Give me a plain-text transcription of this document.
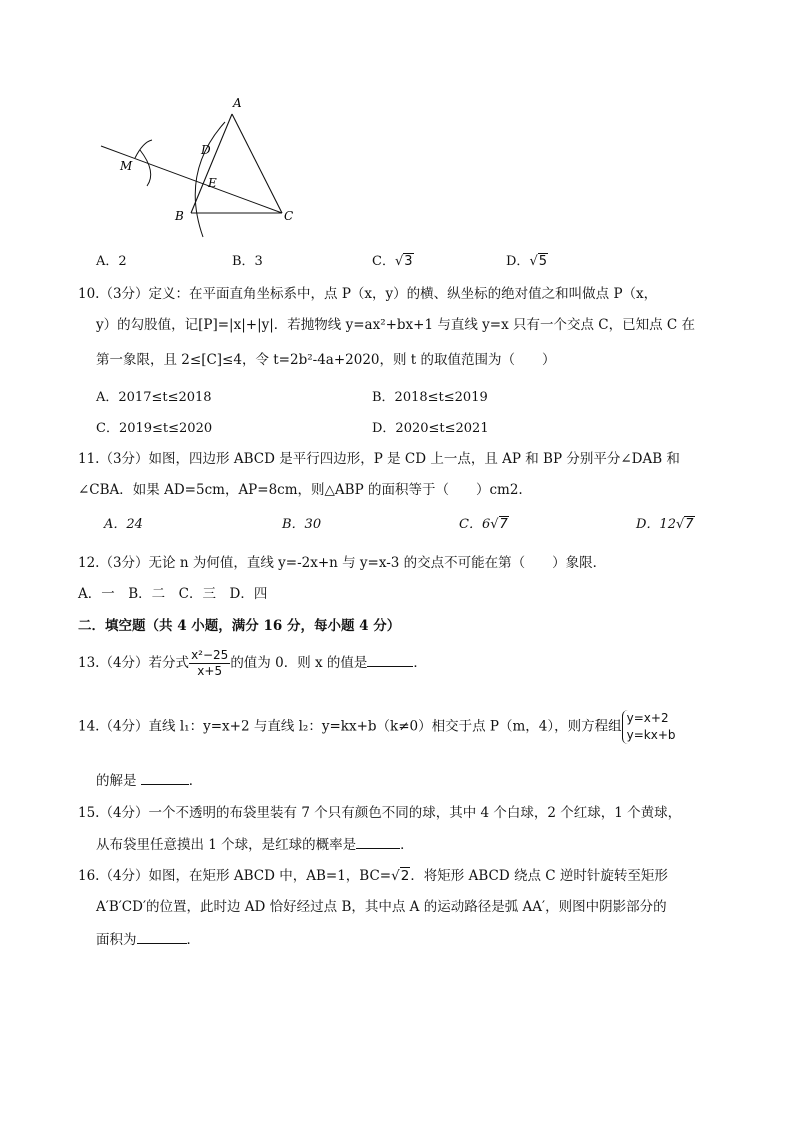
A
D
M
E
B	C
A．2	B．3	C．√3	D．√5
10.（3分）定义：在平面直角坐标系中，点 P（x，y）的横、纵坐标的绝对值之和叫做点 P（x，
y）的勾股值，记[P]=|x|+|y|．若抛物线 y=ax²+bx+1 与直线 y=x 只有一个交点 C，已知点 C 在
第一象限，且 2≤[C]≤4，令 t=2b²-4a+2020，则 t 的取值范围为（　　）
A．2017≤t≤2018	B．2018≤t≤2019
C．2019≤t≤2020	D．2020≤t≤2021
11.（3分）如图，四边形 ABCD 是平行四边形，P 是 CD 上一点，且 AP 和 BP 分别平分∠DAB 和
∠CBA．如果 AD=5cm，AP=8cm，则△ABP 的面积等于（　　）cm2.
A．24	B．30	C．6√7	D．12√7
12.（3分）无论 n 为何值，直线 y=-2x+n 与 y=x-3 的交点不可能在第（　　）象限．
A．一　B．二　C．三　D．四
二．填空题（共 4 小题，满分 16 分，每小题 4 分）
13.（4分）若分式 $\frac{\text{x²−25}}{x+5}$ 的值为 0．则 x 的值是	．
14.（4分）直线 l₁：y=x+2 与直线 l₂：y=kx+b（k≠0）相交于点 P（m，4），则方程组
y=x+2
y=kx+b
的解是	．
15.（4分）一个不透明的布袋里装有 7 个只有颜色不同的球，其中 4 个白球，2 个红球，1 个黄球，
从布袋里任意摸出 1 个球，是红球的概率是	．
16.（4分）如图，在矩形 ABCD 中，AB=1，BC=√2．将矩形 ABCD 绕点 C 逆时针旋转至矩形
A′B′CD′的位置，此时边 AD 恰好经过点 B，其中点 A 的运动路径是弧 AA′，则图中阴影部分的
面积为	．
